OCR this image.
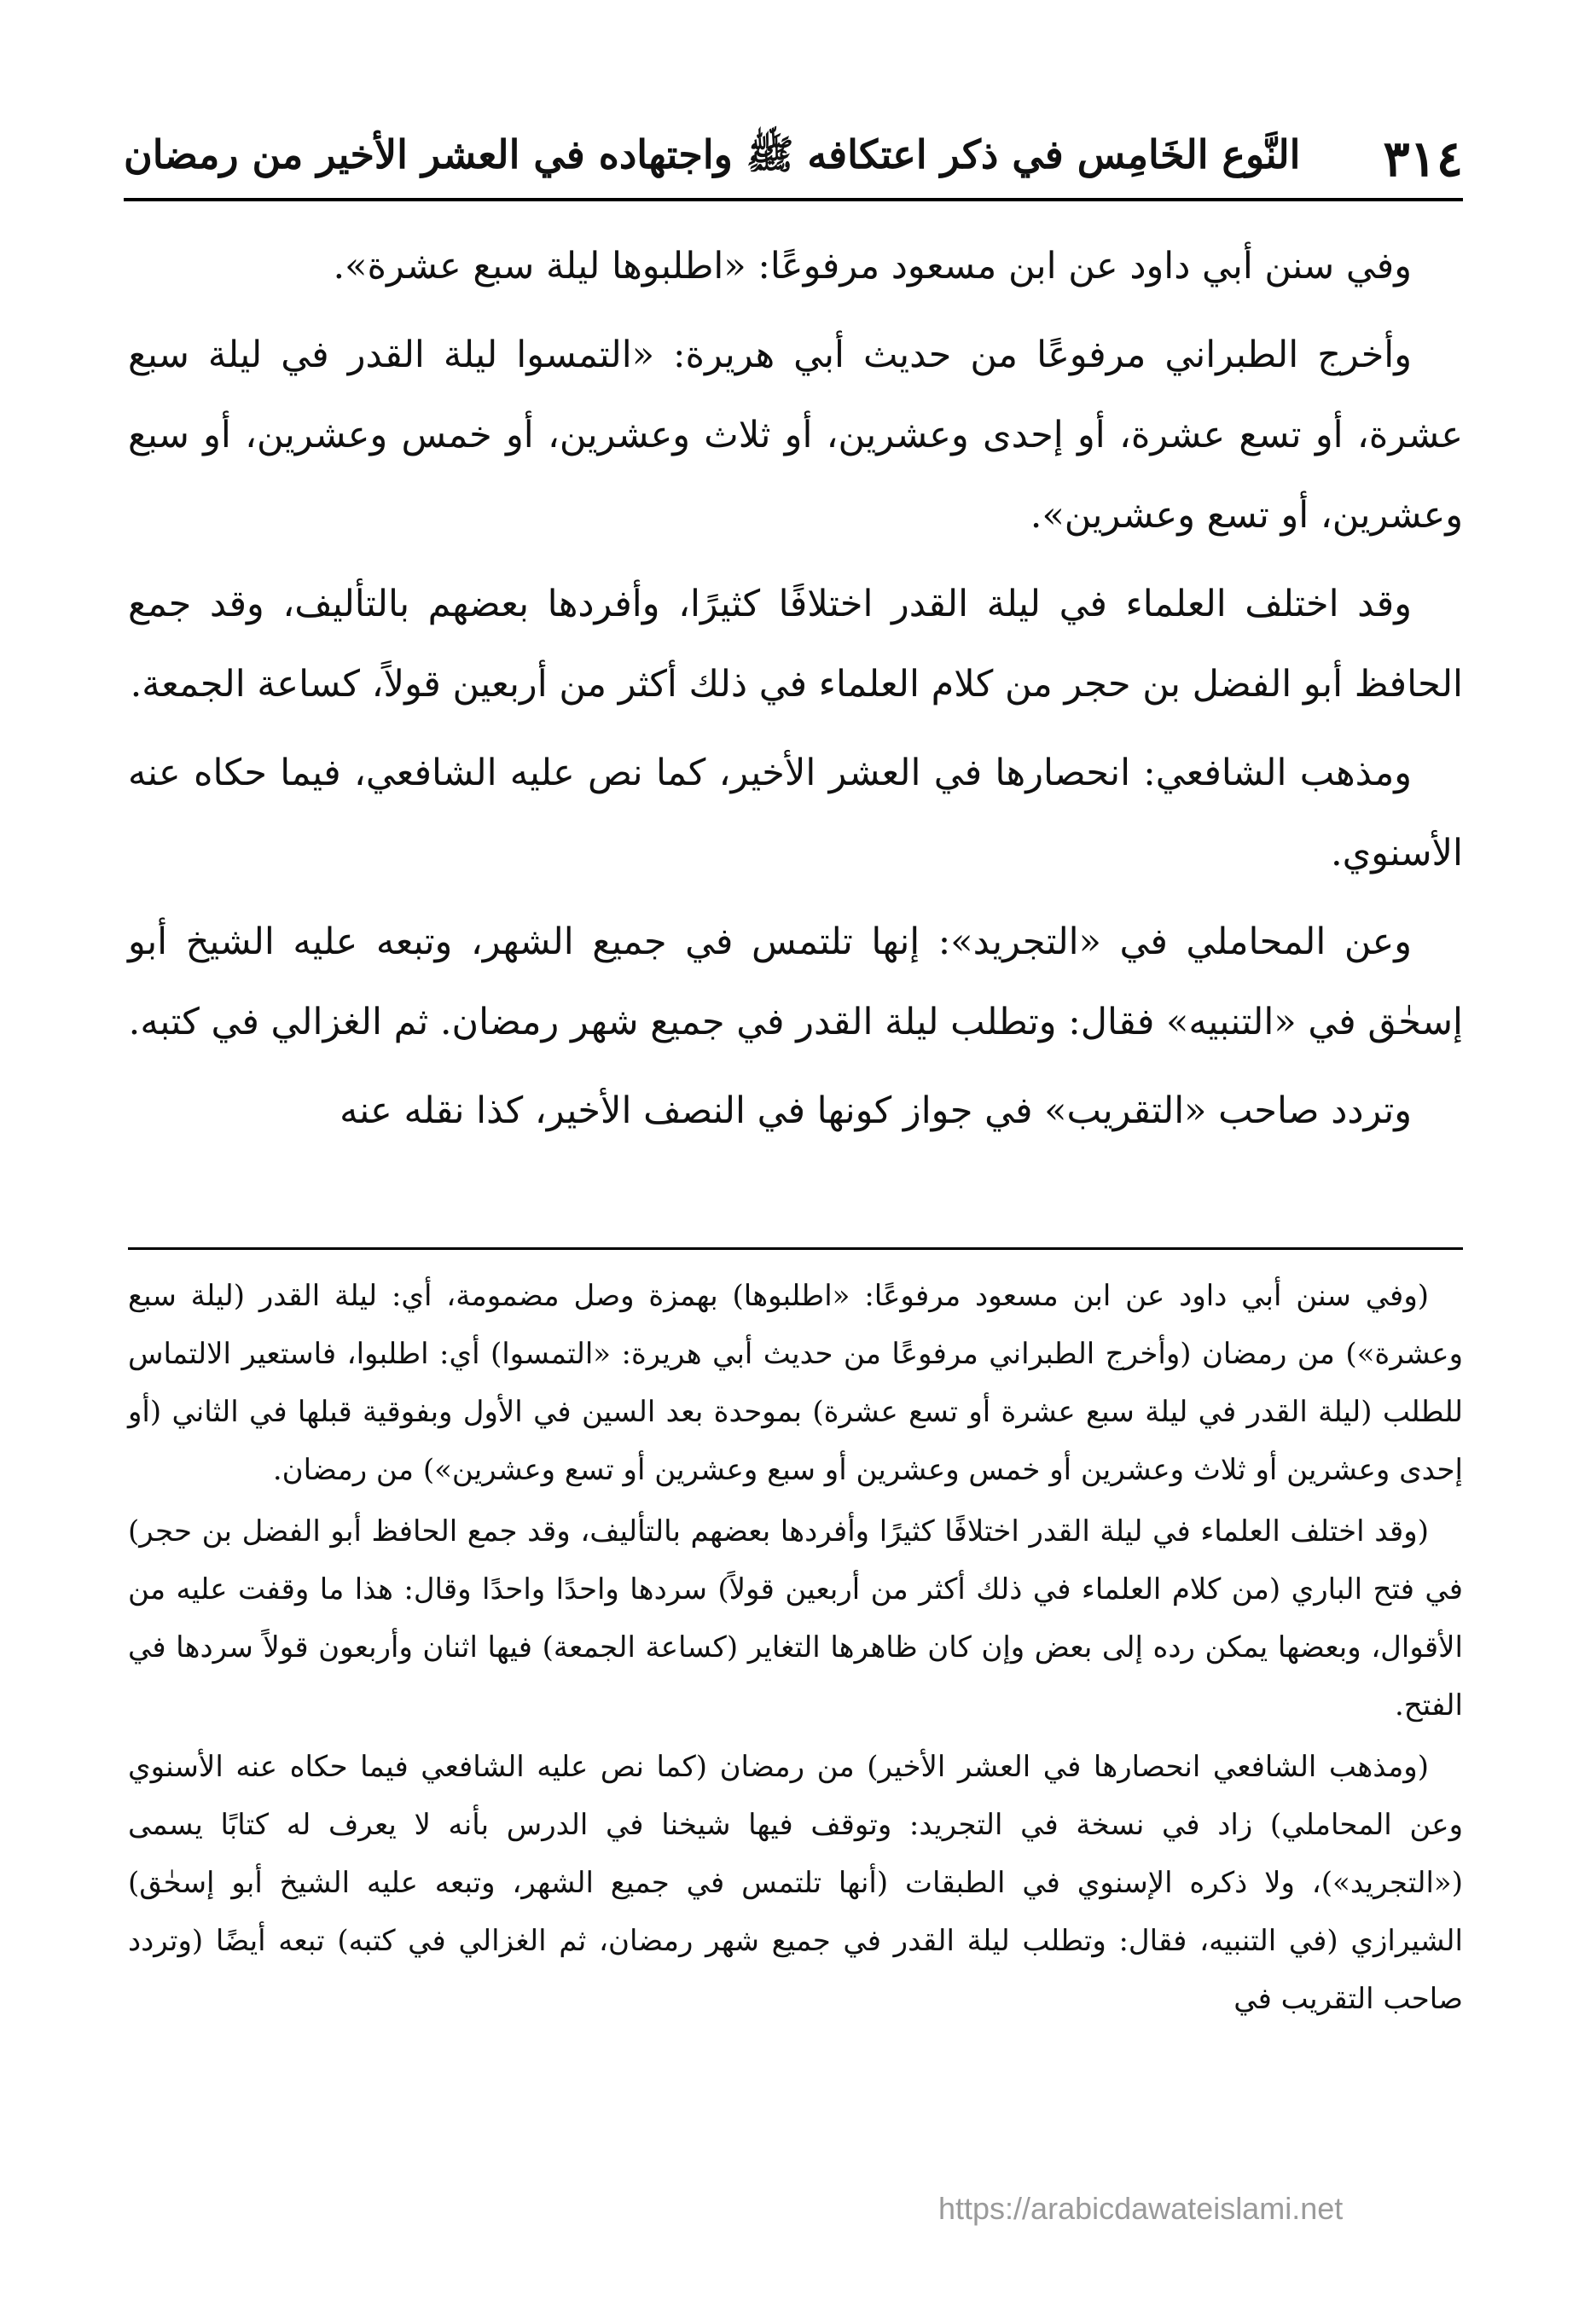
٣١٤
النَّوع الخَامِس في ذكر اعتكافه ﷺ واجتهاده في العشر الأخير من رمضان

وفي سنن أبي داود عن ابن مسعود مرفوعًا: «اطلبوها ليلة سبع عشرة».

وأخرج الطبراني مرفوعًا من حديث أبي هريرة: «التمسوا ليلة القدر في ليلة سبع عشرة، أو تسع عشرة، أو إحدى وعشرين، أو ثلاث وعشرين، أو خمس وعشرين، أو سبع وعشرين، أو تسع وعشرين».

وقد اختلف العلماء في ليلة القدر اختلافًا كثيرًا، وأفردها بعضهم بالتأليف، وقد جمع الحافظ أبو الفضل بن حجر من كلام العلماء في ذلك أكثر من أربعين قولاً، كساعة الجمعة.

ومذهب الشافعي: انحصارها في العشر الأخير، كما نص عليه الشافعي، فيما حكاه عنه الأسنوي.

وعن المحاملي في «التجريد»: إنها تلتمس في جميع الشهر، وتبعه عليه الشيخ أبو إسحٰق في «التنبيه» فقال: وتطلب ليلة القدر في جميع شهر رمضان. ثم الغزالي في كتبه.

وتردد صاحب «التقريب» في جواز كونها في النصف الأخير، كذا نقله عنه

(وفي سنن أبي داود عن ابن مسعود مرفوعًا: «اطلبوها) بهمزة وصل مضمومة، أي: ليلة القدر (ليلة سبع وعشرة») من رمضان (وأخرج الطبراني مرفوعًا من حديث أبي هريرة: «التمسوا) أي: اطلبوا، فاستعير الالتماس للطلب (ليلة القدر في ليلة سبع عشرة أو تسع عشرة) بموحدة بعد السين في الأول وبفوقية قبلها في الثاني (أو إحدى وعشرين أو ثلاث وعشرين أو خمس وعشرين أو سبع وعشرين أو تسع وعشرين») من رمضان.

(وقد اختلف العلماء في ليلة القدر اختلافًا كثيرًا وأفردها بعضهم بالتأليف، وقد جمع الحافظ أبو الفضل بن حجر) في فتح الباري (من كلام العلماء في ذلك أكثر من أربعين قولاً) سردها واحدًا واحدًا وقال: هذا ما وقفت عليه من الأقوال، وبعضها يمكن رده إلى بعض وإن كان ظاهرها التغاير (كساعة الجمعة) فيها اثنان وأربعون قولاً سردها في الفتح.

(ومذهب الشافعي انحصارها في العشر الأخير) من رمضان (كما نص عليه الشافعي فيما حكاه عنه الأسنوي وعن المحاملي) زاد في نسخة في التجريد: وتوقف فيها شيخنا في الدرس بأنه لا يعرف له كتابًا يسمى («التجريد»)، ولا ذكره الإسنوي في الطبقات (أنها تلتمس في جميع الشهر، وتبعه عليه الشيخ أبو إسحٰق) الشيرازي (في التنبيه، فقال: وتطلب ليلة القدر في جميع شهر رمضان، ثم الغزالي في كتبه) تبعه أيضًا (وتردد صاحب التقريب في

https://arabicdawateislami.net
